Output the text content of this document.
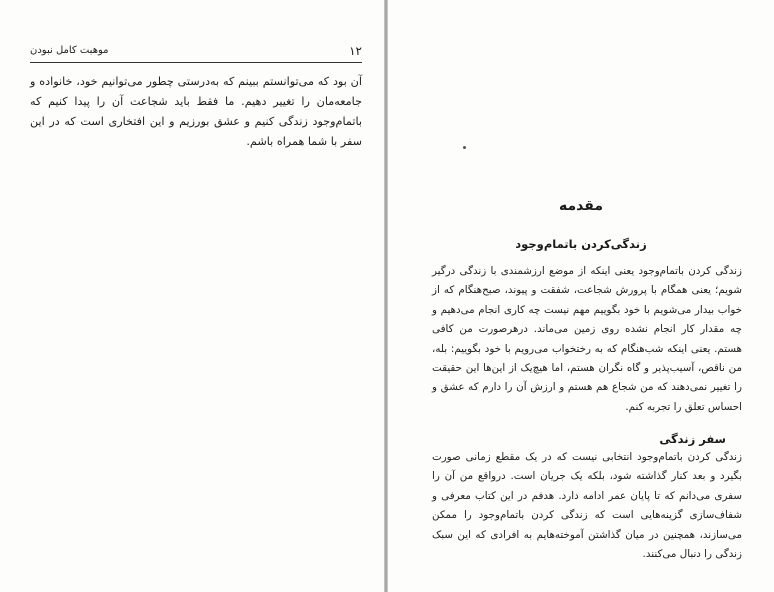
۱۲
موهبت کامل نبودن

آن بود که می‌توانستم ببینم که به‌درستی چطور می‌توانیم خود، خانواده و جامعه‌مان را تغییر دهیم. ما فقط باید شجاعت آن را پیدا کنیم که باتمام‌وجود زندگی کنیم و عشق بورزیم و این افتخاری است که در این سفر با شما همراه باشم.

مقدمه
زندگی‌کردن باتمام‌وجود

زندگی کردن باتمام‌وجود یعنی اینکه از موضع ارزشمندی با زندگی درگیر شویم؛ یعنی همگام با پرورش شجاعت، شفقت و پیوند، صبح‌هنگام که از خواب بیدار می‌شویم با خود بگوییم مهم نیست چه کاری انجام می‌دهیم و چه مقدار کار انجام نشده روی زمین می‌ماند. درهرصورت من کافی هستم. یعنی اینکه شب‌هنگام که به رختخواب می‌رویم با خود بگوییم: بله، من ناقص، آسیب‌پذیر و گاه نگران هستم، اما هیچ‌یک از این‌ها این حقیقت را تغییر نمی‌دهند که من شجاع هم هستم و ارزش آن را دارم که عشق و احساس تعلق را تجربه کنم.

سفر زندگی

زندگی کردن باتمام‌وجود انتخابی نیست که در یک مقطع زمانی صورت بگیرد و بعد کنار گذاشته شود، بلکه یک جریان است. درواقع من آن را سفری می‌دانم که تا پایان عمر ادامه دارد. هدفم در این کتاب معرفی و شفاف‌سازی گزینه‌هایی است که زندگی کردن باتمام‌وجود را ممکن می‌سازند، همچنین در میان گذاشتن آموخته‌هایم به افرادی که این سبک زندگی را دنبال می‌کنند.
